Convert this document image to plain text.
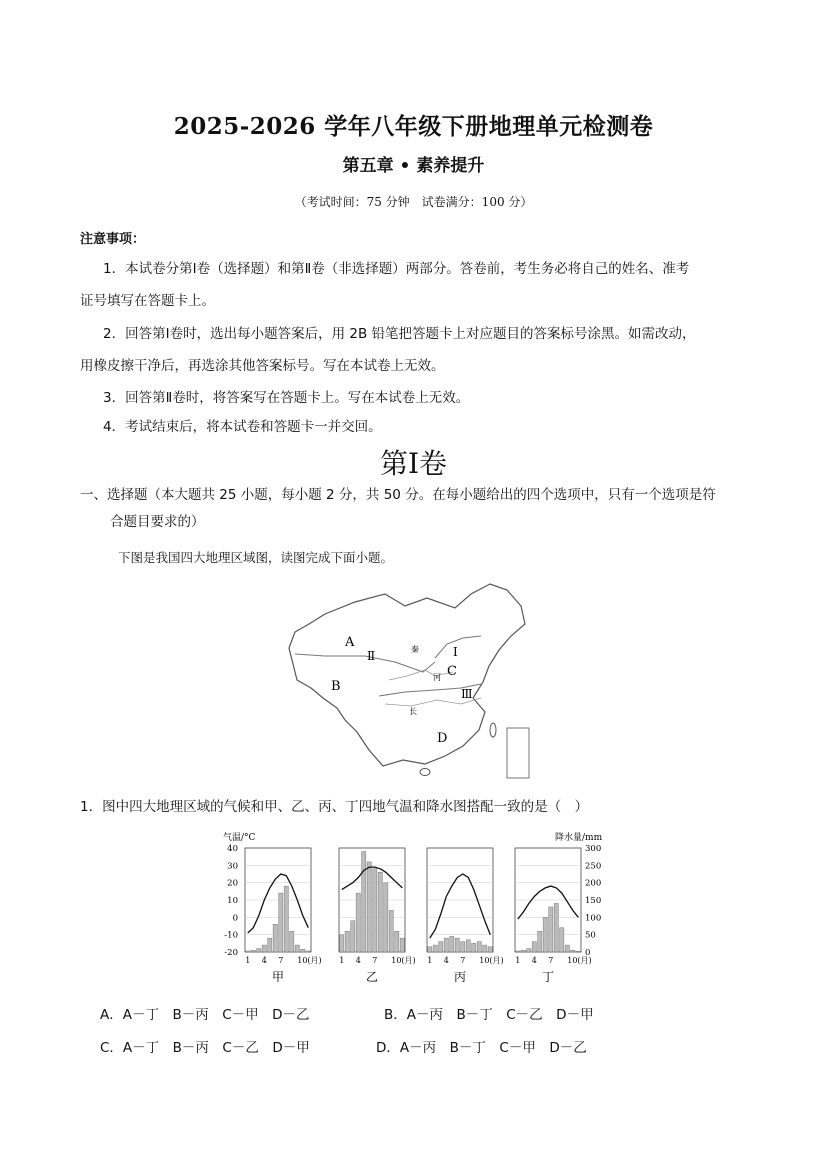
2025-2026 学年八年级下册地理单元检测卷
第五章 • 素养提升
（考试时间：75 分钟　试卷满分：100 分）
注意事项：
1．本试卷分第Ⅰ卷（选择题）和第Ⅱ卷（非选择题）两部分。答卷前，考生务必将自己的姓名、准考
证号填写在答题卡上。
2．回答第Ⅰ卷时，选出每小题答案后，用 2B 铅笔把答题卡上对应题目的答案标号涂黑。如需改动，
用橡皮擦干净后，再选涂其他答案标号。写在本试卷上无效。
3．回答第Ⅱ卷时，将答案写在答题卡上。写在本试卷上无效。
4．考试结束后，将本试卷和答题卡一并交回。
第Ⅰ卷
一、选择题（本大题共 25 小题，每小题 2 分，共 50 分。在每小题给出的四个选项中，只有一个选项是符
合题目要求的）
下图是我国四大地理区域图，读图完成下面小题。
A
B
C
D
Ⅰ
Ⅱ
Ⅲ
秦
河
长
1．图中四大地理区域的气候和甲、乙、丙、丁四地气温和降水图搭配一致的是（　）
气温/°C	降水量/mm
40
30
20
10
0
-10
-20
300
250
200
150
100
50
0
1 4 7 10(月)
甲
1 4 7 10(月)
乙
1 4 7 10(月)
丙
1 4 7 10(月)
丁
A．A－丁　B－丙　C－甲　D－乙	B．A－丙　B－丁　C－乙　D－甲
C．A－丁　B－丙　C－乙　D－甲	D．A－丙　B－丁　C－甲　D－乙
